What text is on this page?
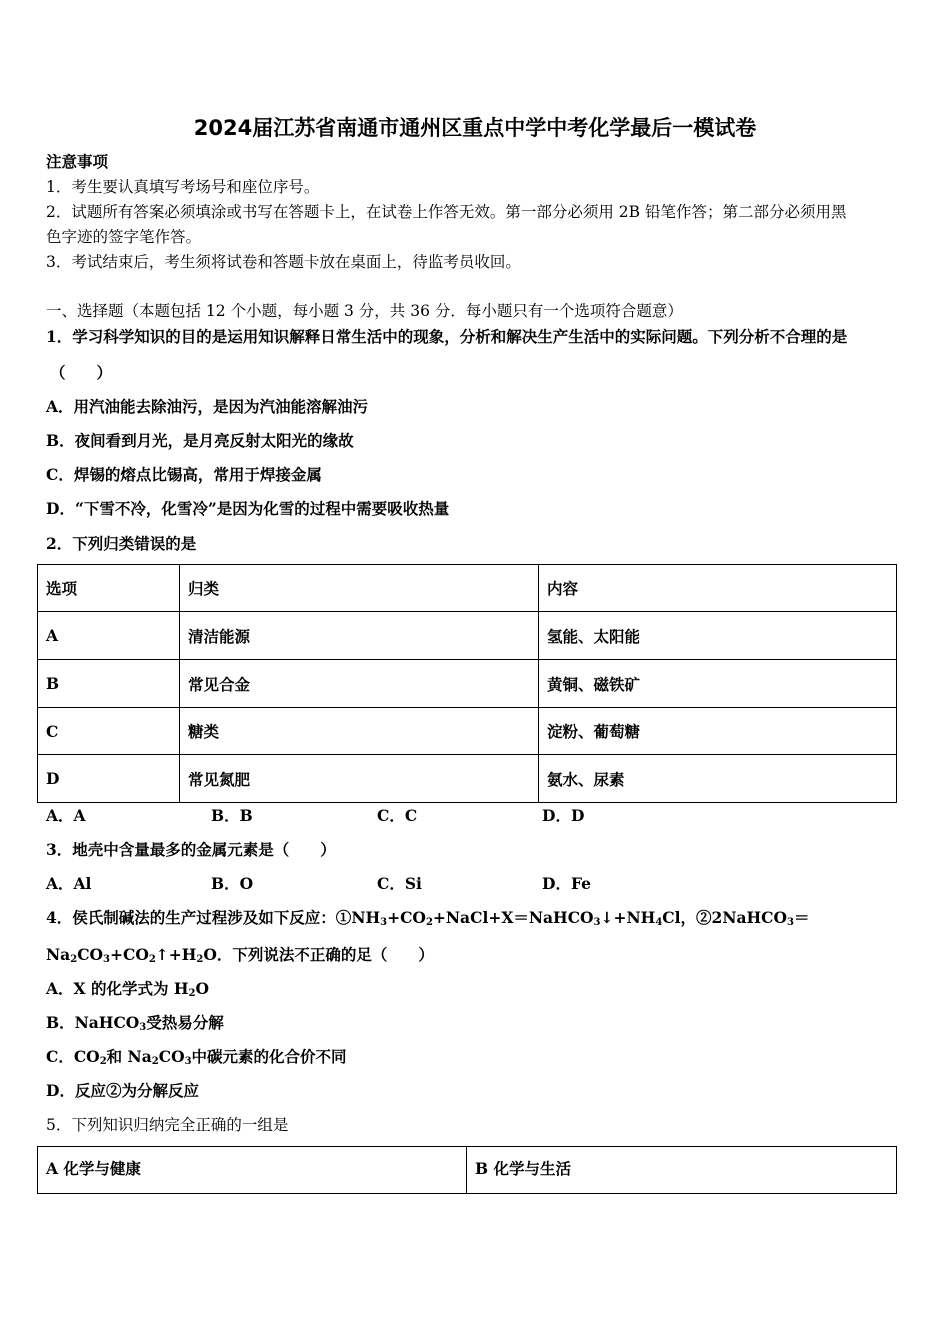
2024届江苏省南通市通州区重点中学中考化学最后一模试卷
注意事项
1．考生要认真填写考场号和座位序号。
2．试题所有答案必须填涂或书写在答题卡上，在试卷上作答无效。第一部分必须用 2B 铅笔作答；第二部分必须用黑
色字迹的签字笔作答。
3．考试结束后，考生须将试卷和答题卡放在桌面上，待监考员收回。
一、选择题（本题包括 12 个小题，每小题 3 分，共 36 分．每小题只有一个选项符合题意）
1．学习科学知识的目的是运用知识解释日常生活中的现象，分析和解决生产生活中的实际问题。下列分析不合理的是
（　　）
A．用汽油能去除油污，是因为汽油能溶解油污
B．夜间看到月光，是月亮反射太阳光的缘故
C．焊锡的熔点比锡高，常用于焊接金属
D．“下雪不冷，化雪冷”是因为化雪的过程中需要吸收热量
2．下列归类错误的是
选项	归类	内容
A	清洁能源	氢能、太阳能
B	常见合金	黄铜、磁铁矿
C	糖类	淀粉、葡萄糖
D	常见氮肥	氨水、尿素
A．A	B．B	C．C	D．D
3．地壳中含量最多的金属元素是（　　）
A．Al	B．O	C．Si	D．Fe
4．侯氏制碱法的生产过程涉及如下反应：$①NH_3+CO_2+NaCl+X=NaHCO_3↓+NH_4Cl$，②2NaHCO$_3$＝
$Na_2CO_3+CO_2↑+H_2O$．下列说法不正确的足（　　）
A．X 的化学式为 $H_2O$
B．NaHCO$_3$受热易分解
C．$CO_2$和 $Na_2CO_3$中碳元素的化合价不同
D．反应②为分解反应
5．下列知识归纳完全正确的一组是
A 化学与健康	B 化学与生活
